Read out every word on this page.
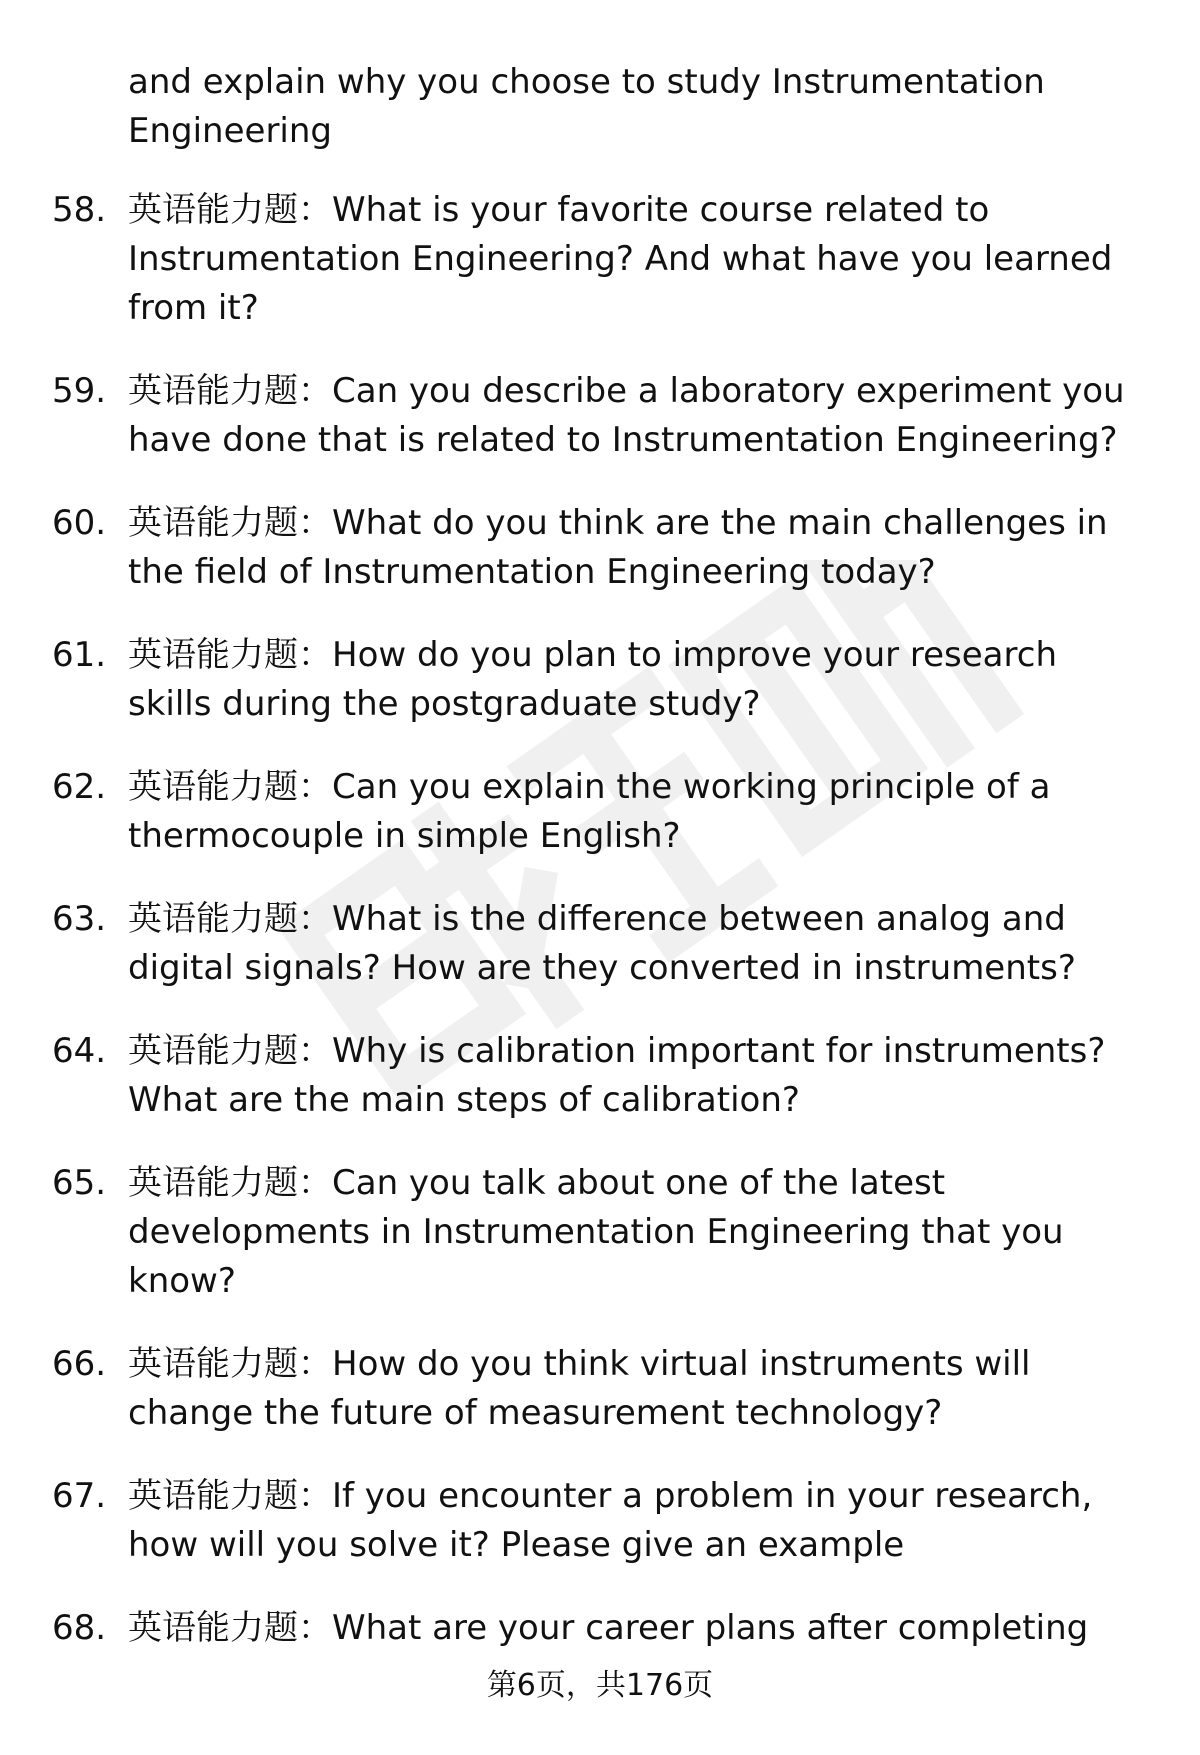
and explain why you choose to study Instrumentation Engineering

58. 英语能力题：What is your favorite course related to Instrumentation Engineering? And what have you learned from it?
59. 英语能力题：Can you describe a laboratory experiment you have done that is related to Instrumentation Engineering?
60. 英语能力题：What do you think are the main challenges in the field of Instrumentation Engineering today?
61. 英语能力题：How do you plan to improve your research skills during the postgraduate study?
62. 英语能力题：Can you explain the working principle of a thermocouple in simple English?
63. 英语能力题：What is the difference between analog and digital signals? How are they converted in instruments?
64. 英语能力题：Why is calibration important for instruments? What are the main steps of calibration?
65. 英语能力题：Can you talk about one of the latest developments in Instrumentation Engineering that you know?
66. 英语能力题：How do you think virtual instruments will change the future of measurement technology?
67. 英语能力题：If you encounter a problem in your research, how will you solve it? Please give an example
68. 英语能力题：What are your career plans after completing
第6页，共176页
